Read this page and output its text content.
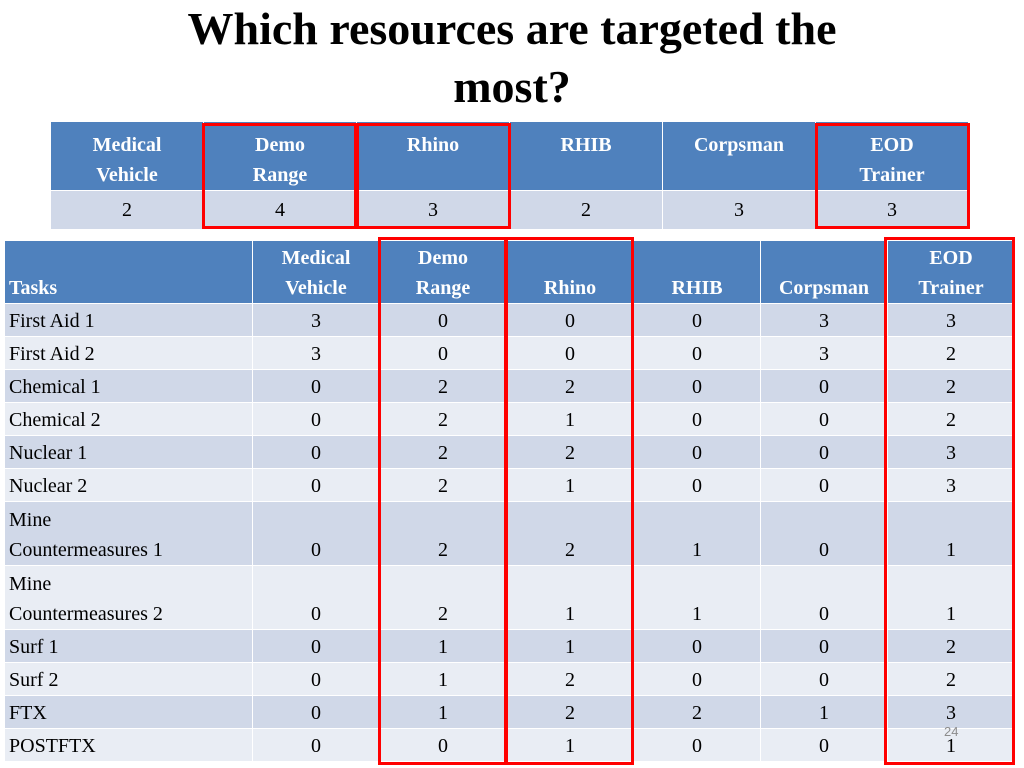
Which resources are targeted the
most?
Medical
Vehicle	Demo
Range	Rhino	RHIB	Corpsman	EOD
Trainer
2	4	3	2	3	3

Tasks	Medical
Vehicle	Demo
Range	Rhino	RHIB	Corpsman	EOD
Trainer
First Aid 1	3	0	0	0	3	3
First Aid 2	3	0	0	0	3	2
Chemical 1	0	2	2	0	0	2
Chemical 2	0	2	1	0	0	2
Nuclear 1	0	2	2	0	0	3
Nuclear 2	0	2	1	0	0	3
Mine
Countermeasures 1	0	2	2	1	0	1
Mine
Countermeasures 2	0	2	1	1	0	1
Surf 1	0	1	1	0	0	2
Surf 2	0	1	2	0	0	2
FTX	0	1	2	2	1	3
POSTFTX	0	0	1	0	0	1
24
